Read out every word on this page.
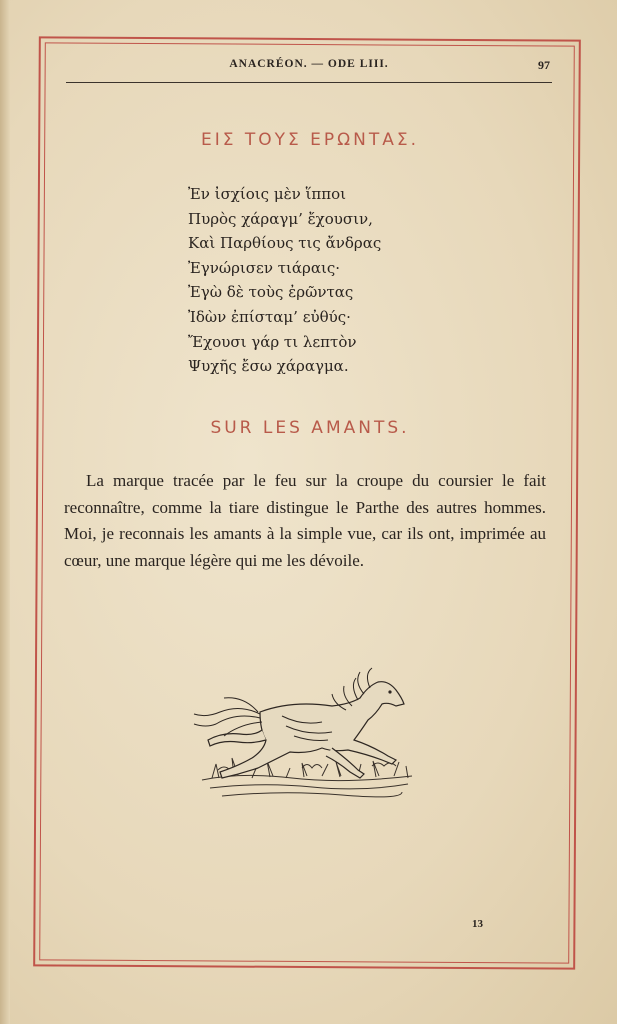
ANACRÉON. — ODE LIII.	97
ΕΙΣ ΤΟΥΣ ΕΡΩΝΤΑΣ.
Ἐν ἰσχίοις μὲν ἵπποι
Πυρὸς χάραγμ’ ἔχουσιν,
Καὶ Παρθίους τις ἄνδρας
Ἐγνώρισεν τιάραις·
Ἐγὼ δὲ τοὺς ἐρῶντας
Ἰδὼν ἐπίσταμ’ εὐθύς·
Ἔχουσι γάρ τι λεπτὸν
Ψυχῆς ἔσω χάραγμα.
SUR LES AMANTS.

La marque tracée par le feu sur la croupe du coursier le fait reconnaître, comme la tiare distingue le Parthe des autres hommes. Moi, je reconnais les amants à la simple vue, car ils ont, imprimée au cœur, une marque légère qui me les dévoile.

13
